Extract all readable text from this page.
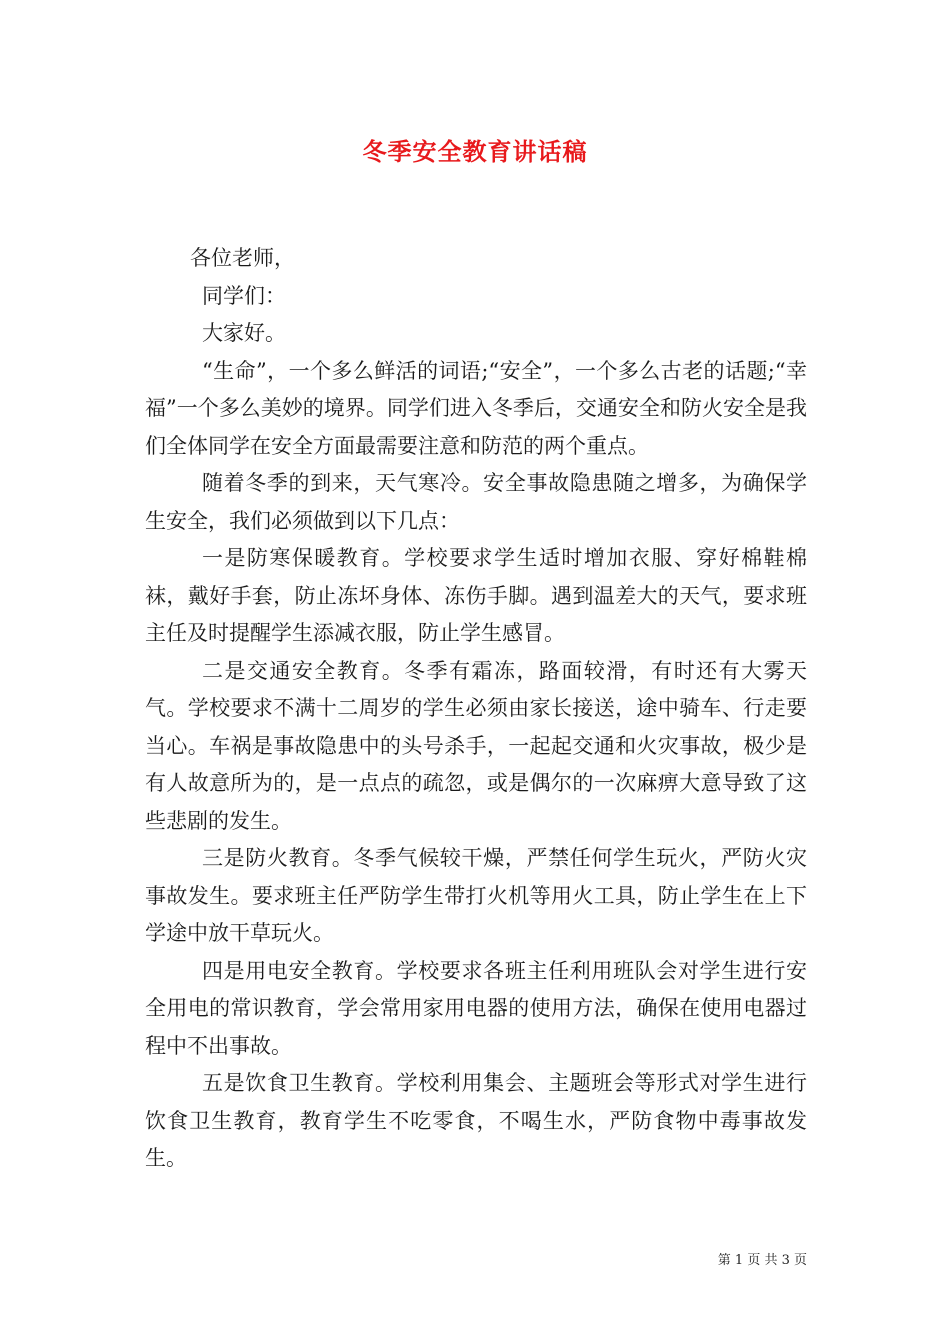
冬季安全教育讲话稿

各位老师，

同学们：

大家好。

“生命”，一个多么鲜活的词语;“安全”，一个多么古老的话题;“幸福”一个多么美妙的境界。同学们进入冬季后，交通安全和防火安全是我们全体同学在安全方面最需要注意和防范的两个重点。

随着冬季的到来，天气寒冷。安全事故隐患随之增多，为确保学生安全，我们必须做到以下几点：

一是防寒保暖教育。学校要求学生适时增加衣服、穿好棉鞋棉袜，戴好手套，防止冻坏身体、冻伤手脚。遇到温差大的天气，要求班主任及时提醒学生添减衣服，防止学生感冒。

二是交通安全教育。冬季有霜冻，路面较滑，有时还有大雾天气。学校要求不满十二周岁的学生必须由家长接送，途中骑车、行走要当心。车祸是事故隐患中的头号杀手，一起起交通和火灾事故，极少是有人故意所为的，是一点点的疏忽，或是偶尔的一次麻痹大意导致了这些悲剧的发生。

三是防火教育。冬季气候较干燥，严禁任何学生玩火，严防火灾事故发生。要求班主任严防学生带打火机等用火工具，防止学生在上下学途中放干草玩火。

四是用电安全教育。学校要求各班主任利用班队会对学生进行安全用电的常识教育，学会常用家用电器的使用方法，确保在使用电器过程中不出事故。

五是饮食卫生教育。学校利用集会、主题班会等形式对学生进行饮食卫生教育，教育学生不吃零食，不喝生水，严防食物中毒事故发生。

第 1 页 共 3 页
